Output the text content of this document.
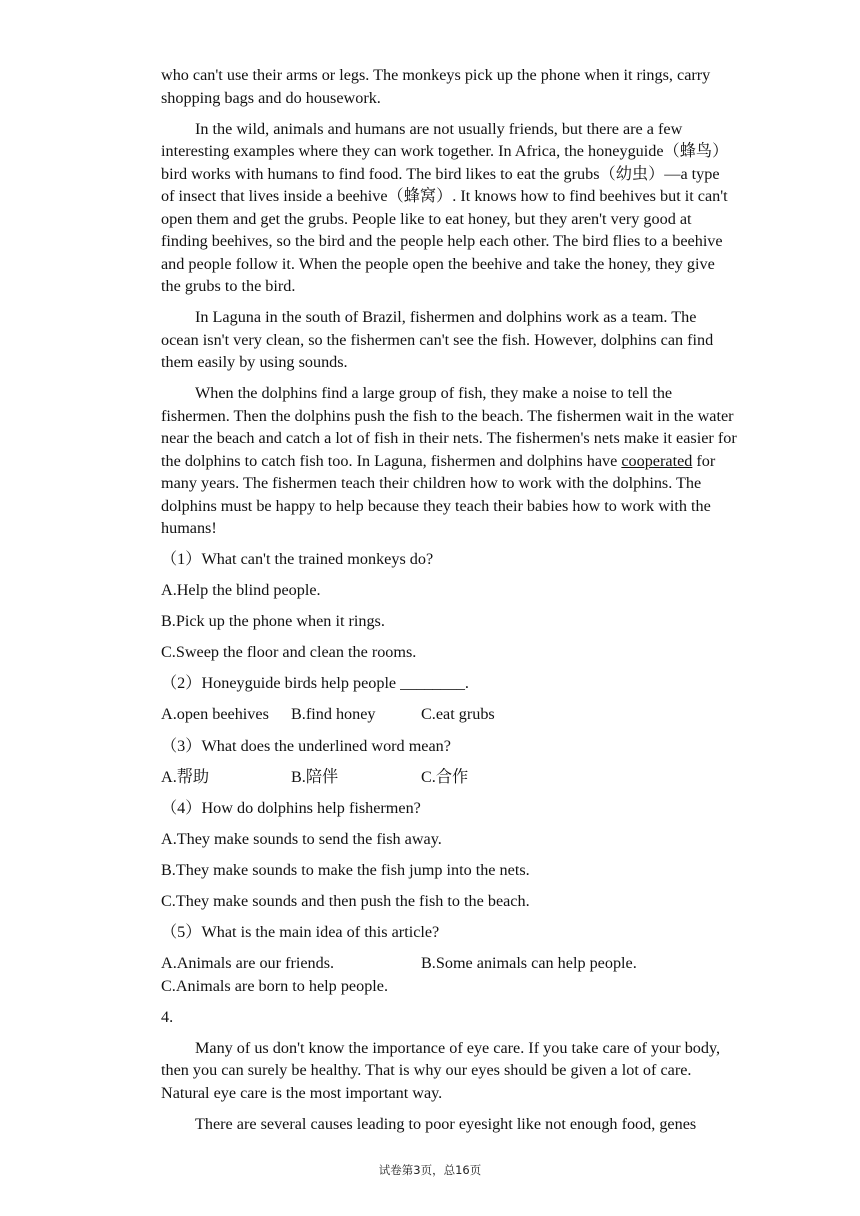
who can't use their arms or legs. The monkeys pick up the phone when it rings, carry shopping bags and do housework.

In the wild, animals and humans are not usually friends, but there are a few interesting examples where they can work together. In Africa, the honeyguide（蜂鸟）bird works with humans to find food. The bird likes to eat the grubs（幼虫）—a type of insect that lives inside a beehive（蜂窝）. It knows how to find beehives but it can't open them and get the grubs. People like to eat honey, but they aren't very good at finding beehives, so the bird and the people help each other. The bird flies to a beehive and people follow it. When the people open the beehive and take the honey, they give the grubs to the bird.

In Laguna in the south of Brazil, fishermen and dolphins work as a team. The ocean isn't very clean, so the fishermen can't see the fish. However, dolphins can find them easily by using sounds.

When the dolphins find a large group of fish, they make a noise to tell the fishermen. Then the dolphins push the fish to the beach. The fishermen wait in the water near the beach and catch a lot of fish in their nets. The fishermen's nets make it easier for the dolphins to catch fish too. In Laguna, fishermen and dolphins have cooperated for many years. The fishermen teach their children how to work with the dolphins. The dolphins must be happy to help because they teach their babies how to work with the humans!

（1）What can't the trained monkeys do?
A.Help the blind people.
B.Pick up the phone when it rings.
C.Sweep the floor and clean the rooms.
（2）Honeyguide birds help people ________.
A.open beehives	B.find honey	C.eat grubs
（3）What does the underlined word mean?
A.帮助	B.陪伴	C.合作
（4）How do dolphins help fishermen?
A.They make sounds to send the fish away.
B.They make sounds to make the fish jump into the nets.
C.They make sounds and then push the fish to the beach.
（5）What is the main idea of this article?
A.Animals are our friends.	B.Some animals can help people.
C.Animals are born to help people.
4.

Many of us don't know the importance of eye care. If you take care of your body, then you can surely be healthy. That is why our eyes should be given a lot of care. Natural eye care is the most important way.

There are several causes leading to poor eyesight like not enough food, genes

试卷第3页，总16页
